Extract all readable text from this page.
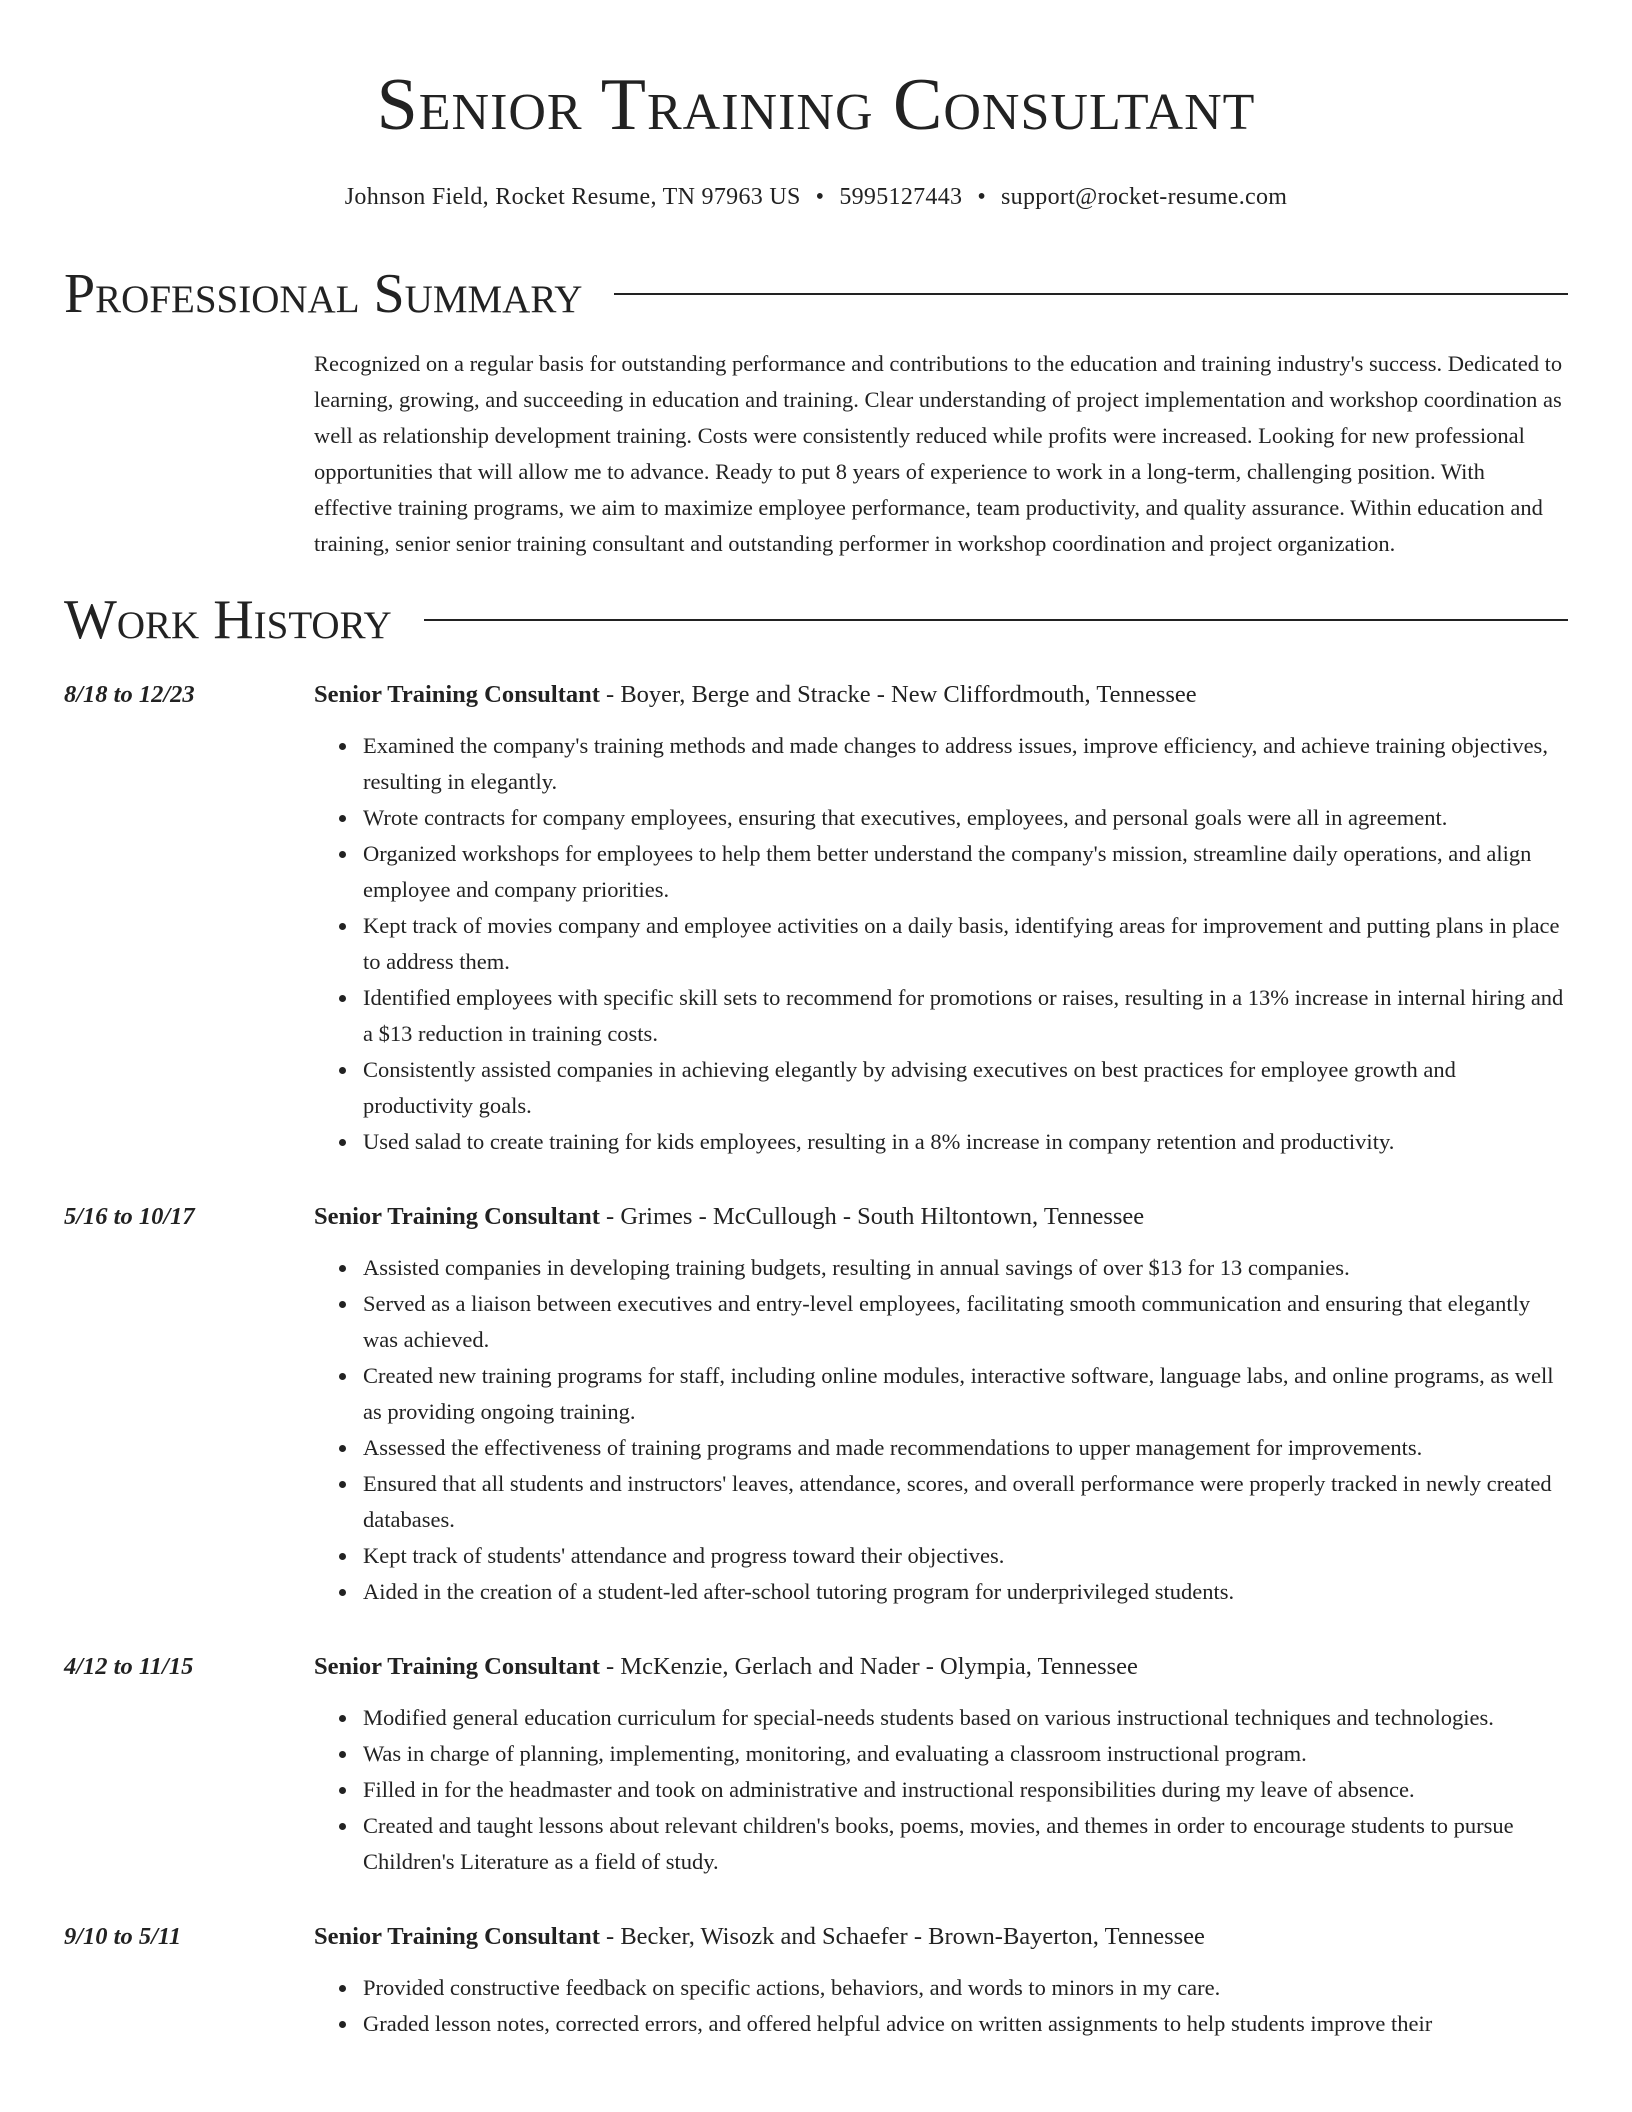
Senior Training Consultant
Johnson Field, Rocket Resume, TN 97963 US • 5995127443 • support@rocket-resume.com
Professional Summary
Recognized on a regular basis for outstanding performance and contributions to the education and training industry's success. Dedicated to learning, growing, and succeeding in education and training. Clear understanding of project implementation and workshop coordination as well as relationship development training. Costs were consistently reduced while profits were increased. Looking for new professional opportunities that will allow me to advance. Ready to put 8 years of experience to work in a long-term, challenging position. With effective training programs, we aim to maximize employee performance, team productivity, and quality assurance. Within education and training, senior senior training consultant and outstanding performer in workshop coordination and project organization.
Work History
8/18 to 12/23	Senior Training Consultant - Boyer, Berge and Stracke - New Cliffordmouth, Tennessee
• Examined the company's training methods and made changes to address issues, improve efficiency, and achieve training objectives, resulting in elegantly.
• Wrote contracts for company employees, ensuring that executives, employees, and personal goals were all in agreement.
• Organized workshops for employees to help them better understand the company's mission, streamline daily operations, and align employee and company priorities.
• Kept track of movies company and employee activities on a daily basis, identifying areas for improvement and putting plans in place to address them.
• Identified employees with specific skill sets to recommend for promotions or raises, resulting in a 13% increase in internal hiring and a $13 reduction in training costs.
• Consistently assisted companies in achieving elegantly by advising executives on best practices for employee growth and productivity goals.
• Used salad to create training for kids employees, resulting in a 8% increase in company retention and productivity.
5/16 to 10/17	Senior Training Consultant - Grimes - McCullough - South Hiltontown, Tennessee
• Assisted companies in developing training budgets, resulting in annual savings of over $13 for 13 companies.
• Served as a liaison between executives and entry-level employees, facilitating smooth communication and ensuring that elegantly was achieved.
• Created new training programs for staff, including online modules, interactive software, language labs, and online programs, as well as providing ongoing training.
• Assessed the effectiveness of training programs and made recommendations to upper management for improvements.
• Ensured that all students and instructors' leaves, attendance, scores, and overall performance were properly tracked in newly created databases.
• Kept track of students' attendance and progress toward their objectives.
• Aided in the creation of a student-led after-school tutoring program for underprivileged students.
4/12 to 11/15	Senior Training Consultant - McKenzie, Gerlach and Nader - Olympia, Tennessee
• Modified general education curriculum for special-needs students based on various instructional techniques and technologies.
• Was in charge of planning, implementing, monitoring, and evaluating a classroom instructional program.
• Filled in for the headmaster and took on administrative and instructional responsibilities during my leave of absence.
• Created and taught lessons about relevant children's books, poems, movies, and themes in order to encourage students to pursue Children's Literature as a field of study.
9/10 to 5/11	Senior Training Consultant - Becker, Wisozk and Schaefer - Brown-Bayerton, Tennessee
• Provided constructive feedback on specific actions, behaviors, and words to minors in my care.
• Graded lesson notes, corrected errors, and offered helpful advice on written assignments to help students improve their
